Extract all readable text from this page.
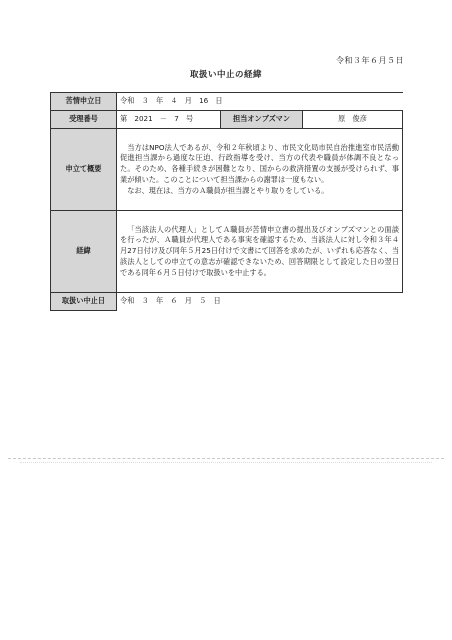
令和３年６月５日
取扱い中止の経緯
苦情申立日	令和　３　年　４　月　16　日		
受理番号	第　2021　－　7　号	担当オンブズマン	原　俊彦
申立て概要	当方はNPO法人であるが、令和２年秋頃より、市民文化局市民自治推進室市民活動促進担当課から過度な圧迫、行政指導を受け、当方の代表や職員が体調不良となった。そのため、各種手続きが困難となり、国からの救済措置の支援が受けられず、事業が傾いた。このことについて担当課からの謝罪は一度もない。
なお、現在は、当方のＡ職員が担当課とやり取りをしている。		

経緯	「当該法人の代理人」としてＡ職員が苦情申立書の提出及びオンブズマンとの面談を行ったが、Ａ職員が代理人である事実を確認するため、当該法人に対し令和３年４月27日付け及び同年５月25日付けで文書にて回答を求めたが、いずれも応答なく、当該法人としての申立ての意志が確認できないため、回答期限として設定した日の翌日である同年６月５日付けで取扱いを中止する。		

取扱い中止日	令和　３　年　６　月　５　日		
